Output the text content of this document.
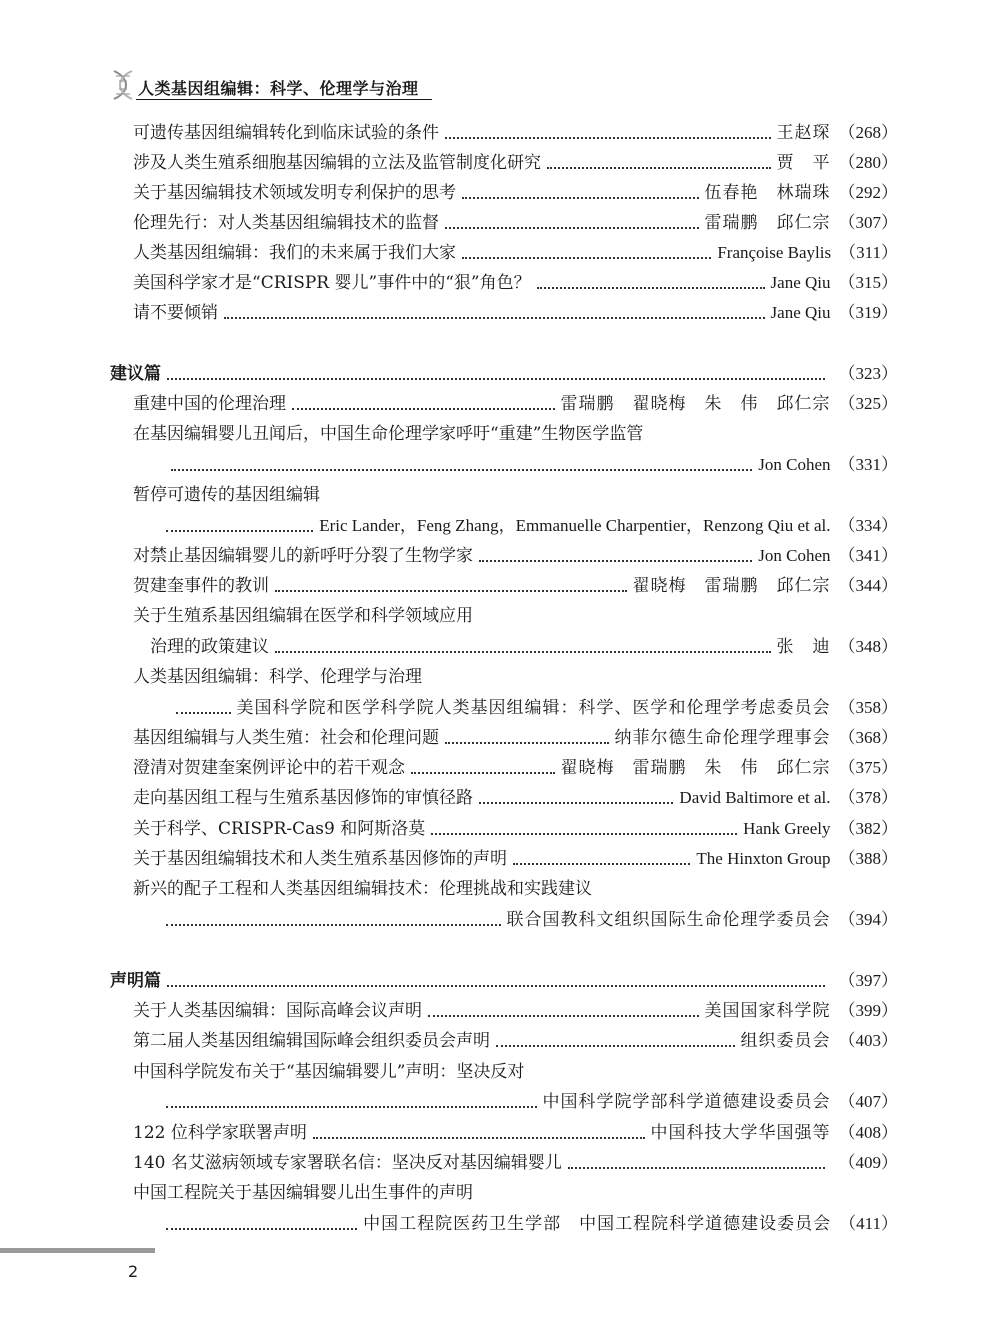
人类基因组编辑：科学、伦理学与治理
可遗传基因组编辑转化到临床试验的条件	王赵琛 （268）
涉及人类生殖系细胞基因编辑的立法及监管制度化研究	贾　平 （280）
关于基因编辑技术领域发明专利保护的思考	伍春艳　林瑞珠 （292）
伦理先行：对人类基因组编辑技术的监督	雷瑞鹏　邱仁宗 （307）
人类基因组编辑：我们的未来属于我们大家	Françoise Baylis （311）
美国科学家才是“CRISPR 婴儿”事件中的“狠”角色？	Jane Qiu （315）
请不要倾销	Jane Qiu （319）
建议篇	（323）
重建中国的伦理治理	雷瑞鹏　翟晓梅　朱　伟　邱仁宗 （325）
在基因编辑婴儿丑闻后，中国生命伦理学家呼吁“重建”生物医学监管
Jon Cohen （331）
暂停可遗传的基因组编辑
Eric Lander，Feng Zhang，Emmanuelle Charpentier，Renzong Qiu et al. （334）
对禁止基因编辑婴儿的新呼吁分裂了生物学家	Jon Cohen （341）
贺建奎事件的教训	翟晓梅　雷瑞鹏　邱仁宗 （344）
关于生殖系基因组编辑在医学和科学领域应用
治理的政策建议	张　迪 （348）
人类基因组编辑：科学、伦理学与治理
美国科学院和医学科学院人类基因组编辑：科学、医学和伦理学考虑委员会 （358）
基因组编辑与人类生殖：社会和伦理问题	纳菲尔德生命伦理学理事会 （368）
澄清对贺建奎案例评论中的若干观念	翟晓梅　雷瑞鹏　朱　伟　邱仁宗 （375）
走向基因组工程与生殖系基因修饰的审慎径路	David Baltimore et al. （378）
关于科学、CRISPR-Cas9 和阿斯洛莫	Hank Greely （382）
关于基因组编辑技术和人类生殖系基因修饰的声明	The Hinxton Group （388）
新兴的配子工程和人类基因组编辑技术：伦理挑战和实践建议
联合国教科文组织国际生命伦理学委员会 （394）
声明篇	（397）
关于人类基因编辑：国际高峰会议声明	美国国家科学院 （399）
第二届人类基因组编辑国际峰会组织委员会声明	组织委员会 （403）
中国科学院发布关于“基因编辑婴儿”声明：坚决反对
中国科学院学部科学道德建设委员会 （407）
122 位科学家联署声明	中国科技大学华国强等 （408）
140 名艾滋病领域专家署联名信：坚决反对基因编辑婴儿	（409）
中国工程院关于基因编辑婴儿出生事件的声明
中国工程院医药卫生学部　中国工程院科学道德建设委员会 （411）
2
